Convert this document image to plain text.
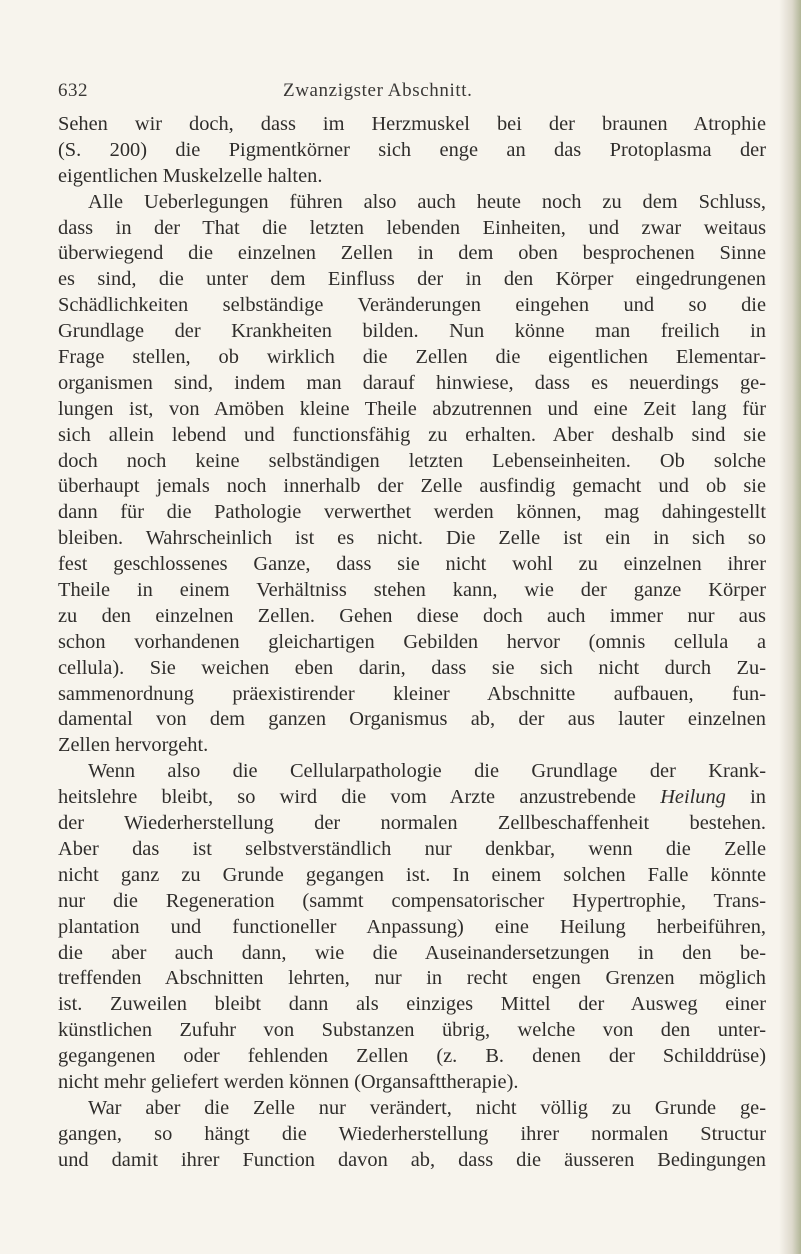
632	Zwanzigster Abschnitt.
Sehen wir doch, dass im Herzmuskel bei der braunen Atrophie
(S. 200) die Pigmentkörner sich enge an das Protoplasma der
eigentlichen Muskelzelle halten.
Alle Ueberlegungen führen also auch heute noch zu dem Schluss,
dass in der That die letzten lebenden Einheiten, und zwar weitaus
überwiegend die einzelnen Zellen in dem oben besprochenen Sinne
es sind, die unter dem Einfluss der in den Körper eingedrungenen
Schädlichkeiten selbständige Veränderungen eingehen und so die
Grundlage der Krankheiten bilden. Nun könne man freilich in
Frage stellen, ob wirklich die Zellen die eigentlichen Elementar-
organismen sind, indem man darauf hinwiese, dass es neuerdings ge-
lungen ist, von Amöben kleine Theile abzutrennen und eine Zeit lang für
sich allein lebend und functionsfähig zu erhalten. Aber deshalb sind sie
doch noch keine selbständigen letzten Lebenseinheiten. Ob solche
überhaupt jemals noch innerhalb der Zelle ausfindig gemacht und ob sie
dann für die Pathologie verwerthet werden können, mag dahingestellt
bleiben. Wahrscheinlich ist es nicht. Die Zelle ist ein in sich so
fest geschlossenes Ganze, dass sie nicht wohl zu einzelnen ihrer
Theile in einem Verhältniss stehen kann, wie der ganze Körper
zu den einzelnen Zellen. Gehen diese doch auch immer nur aus
schon vorhandenen gleichartigen Gebilden hervor (omnis cellula a
cellula). Sie weichen eben darin, dass sie sich nicht durch Zu-
sammenordnung präexistirender kleiner Abschnitte aufbauen, fun-
damental von dem ganzen Organismus ab, der aus lauter einzelnen
Zellen hervorgeht.
Wenn also die Cellularpathologie die Grundlage der Krank-
heitslehre bleibt, so wird die vom Arzte anzustrebende Heilung in
der Wiederherstellung der normalen Zellbeschaffenheit bestehen.
Aber das ist selbstverständlich nur denkbar, wenn die Zelle
nicht ganz zu Grunde gegangen ist. In einem solchen Falle könnte
nur die Regeneration (sammt compensatorischer Hypertrophie, Trans-
plantation und functioneller Anpassung) eine Heilung herbeiführen,
die aber auch dann, wie die Auseinandersetzungen in den be-
treffenden Abschnitten lehrten, nur in recht engen Grenzen möglich
ist. Zuweilen bleibt dann als einziges Mittel der Ausweg einer
künstlichen Zufuhr von Substanzen übrig, welche von den unter-
gegangenen oder fehlenden Zellen (z. B. denen der Schilddrüse)
nicht mehr geliefert werden können (Organsafttherapie).
War aber die Zelle nur verändert, nicht völlig zu Grunde ge-
gangen, so hängt die Wiederherstellung ihrer normalen Structur
und damit ihrer Function davon ab, dass die äusseren Bedingungen
